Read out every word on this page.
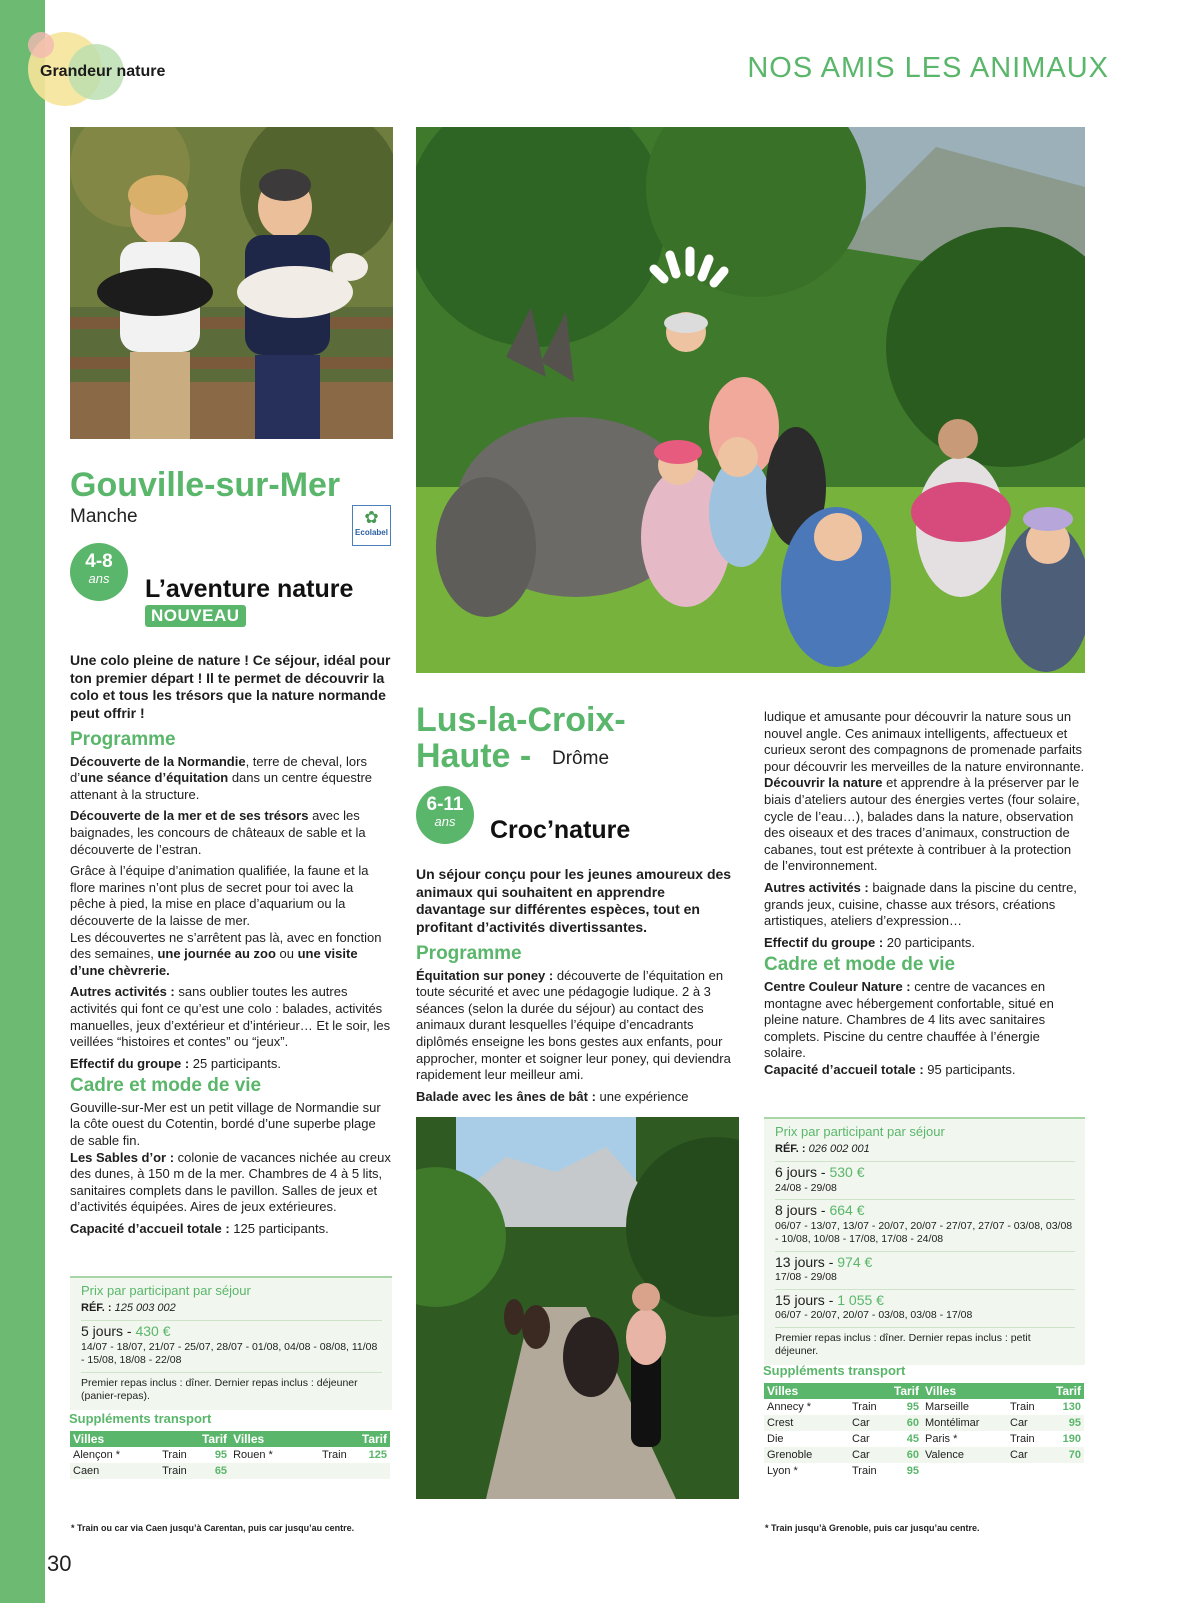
Grandeur nature	NOS AMIS LES ANIMAUX
Gouville-sur-Mer
Manche	✿
Ecolabel
4-8
ans	L’aventure nature
NOUVEAU

Une colo pleine de nature ! Ce séjour, idéal pour ton premier départ ! Il te permet de découvrir la colo et tous les trésors que la nature normande peut offrir !

Programme

Découverte de la Normandie, terre de cheval, lors d’une séance d’équitation dans un centre équestre attenant à la structure.

Découverte de la mer et de ses trésors avec les baignades, les concours de châteaux de sable et la découverte de l’estran.

Grâce à l’équipe d’animation qualifiée, la faune et la flore marines n’ont plus de secret pour toi avec la pêche à pied, la mise en place d’aquarium ou la découverte de la laisse de mer.
Les découvertes ne s’arrêtent pas là, avec en fonction des semaines, une journée au zoo ou une visite d’une chèvrerie.

Autres activités : sans oublier toutes les autres activités qui font ce qu’est une colo : balades, activités manuelles, jeux d’extérieur et d’intérieur… Et le soir, les veillées “histoires et contes” ou “jeux”.

Effectif du groupe : 25 participants.

Cadre et mode de vie

Gouville-sur-Mer est un petit village de Normandie sur la côte ouest du Cotentin, bordé d’une superbe plage de sable fin.

Les Sables d’or : colonie de vacances nichée au creux des dunes, à 150 m de la mer. Chambres de 4 à 5 lits, sanitaires complets dans le pavillon. Salles de jeux et d’activités équipées. Aires de jeux extérieures.

Capacité d’accueil totale : 125 participants.

Prix par participant par séjour
RÉF. : 125 003 002
5 jours - 430 €
14/07 - 18/07, 21/07 - 25/07, 28/07 - 01/08, 04/08 - 08/08, 11/08 - 15/08, 18/08 - 22/08
Premier repas inclus : dîner. Dernier repas inclus : déjeuner (panier-repas).
Suppléments transport
Villes		Tarif	Villes		Tarif
Alençon *	Train	95	Rouen *	Train	125
Caen	Train	65			
* Train ou car via Caen jusqu’à Carentan, puis car jusqu’au centre.
Lus-la-Croix-
Haute -	Drôme
6-11
ans	Croc’nature

Un séjour conçu pour les jeunes amoureux des animaux qui souhaitent en apprendre davantage sur différentes espèces, tout en profitant d’activités divertissantes.

Programme

Équitation sur poney : découverte de l’équitation en toute sécurité et avec une pédagogie ludique. 2 à 3 séances (selon la durée du séjour) au contact des animaux durant lesquelles l’équipe d’encadrants diplômés enseigne les bons gestes aux enfants, pour approcher, monter et soigner leur poney, qui deviendra rapidement leur meilleur ami.

Balade avec les ânes de bât : une expérience

ludique et amusante pour découvrir la nature sous un nouvel angle. Ces animaux intelligents, affectueux et curieux seront des compagnons de promenade parfaits pour découvrir les merveilles de la nature environnante.

Découvrir la nature et apprendre à la préserver par le biais d’ateliers autour des énergies vertes (four solaire, cycle de l’eau…), balades dans la nature, observation des oiseaux et des traces d’animaux, construction de cabanes, tout est prétexte à contribuer à la protection de l’environnement.

Autres activités : baignade dans la piscine du centre, grands jeux, cuisine, chasse aux trésors, créations artistiques, ateliers d’expression…

Effectif du groupe : 20 participants.

Cadre et mode de vie

Centre Couleur Nature : centre de vacances en montagne avec hébergement confortable, situé en pleine nature. Chambres de 4 lits avec sanitaires complets. Piscine du centre chauffée à l’énergie solaire.

Capacité d’accueil totale : 95 participants.

Prix par participant par séjour
RÉF. : 026 002 001
6 jours - 530 €
24/08 - 29/08
8 jours - 664 €
06/07 - 13/07, 13/07 - 20/07, 20/07 - 27/07, 27/07 - 03/08, 03/08 - 10/08, 10/08 - 17/08, 17/08 - 24/08
13 jours - 974 €
17/08 - 29/08
15 jours - 1 055 €
06/07 - 20/07, 20/07 - 03/08, 03/08 - 17/08
Premier repas inclus : dîner. Dernier repas inclus : petit déjeuner.
Suppléments transport
Villes		Tarif	Villes		Tarif
Annecy *	Train	95	Marseille	Train	130
Crest	Car	60	Montélimar	Car	95
Die	Car	45	Paris *	Train	190
Grenoble	Car	60	Valence	Car	70
Lyon *	Train	95			
* Train jusqu’à Grenoble, puis car jusqu’au centre.
30
